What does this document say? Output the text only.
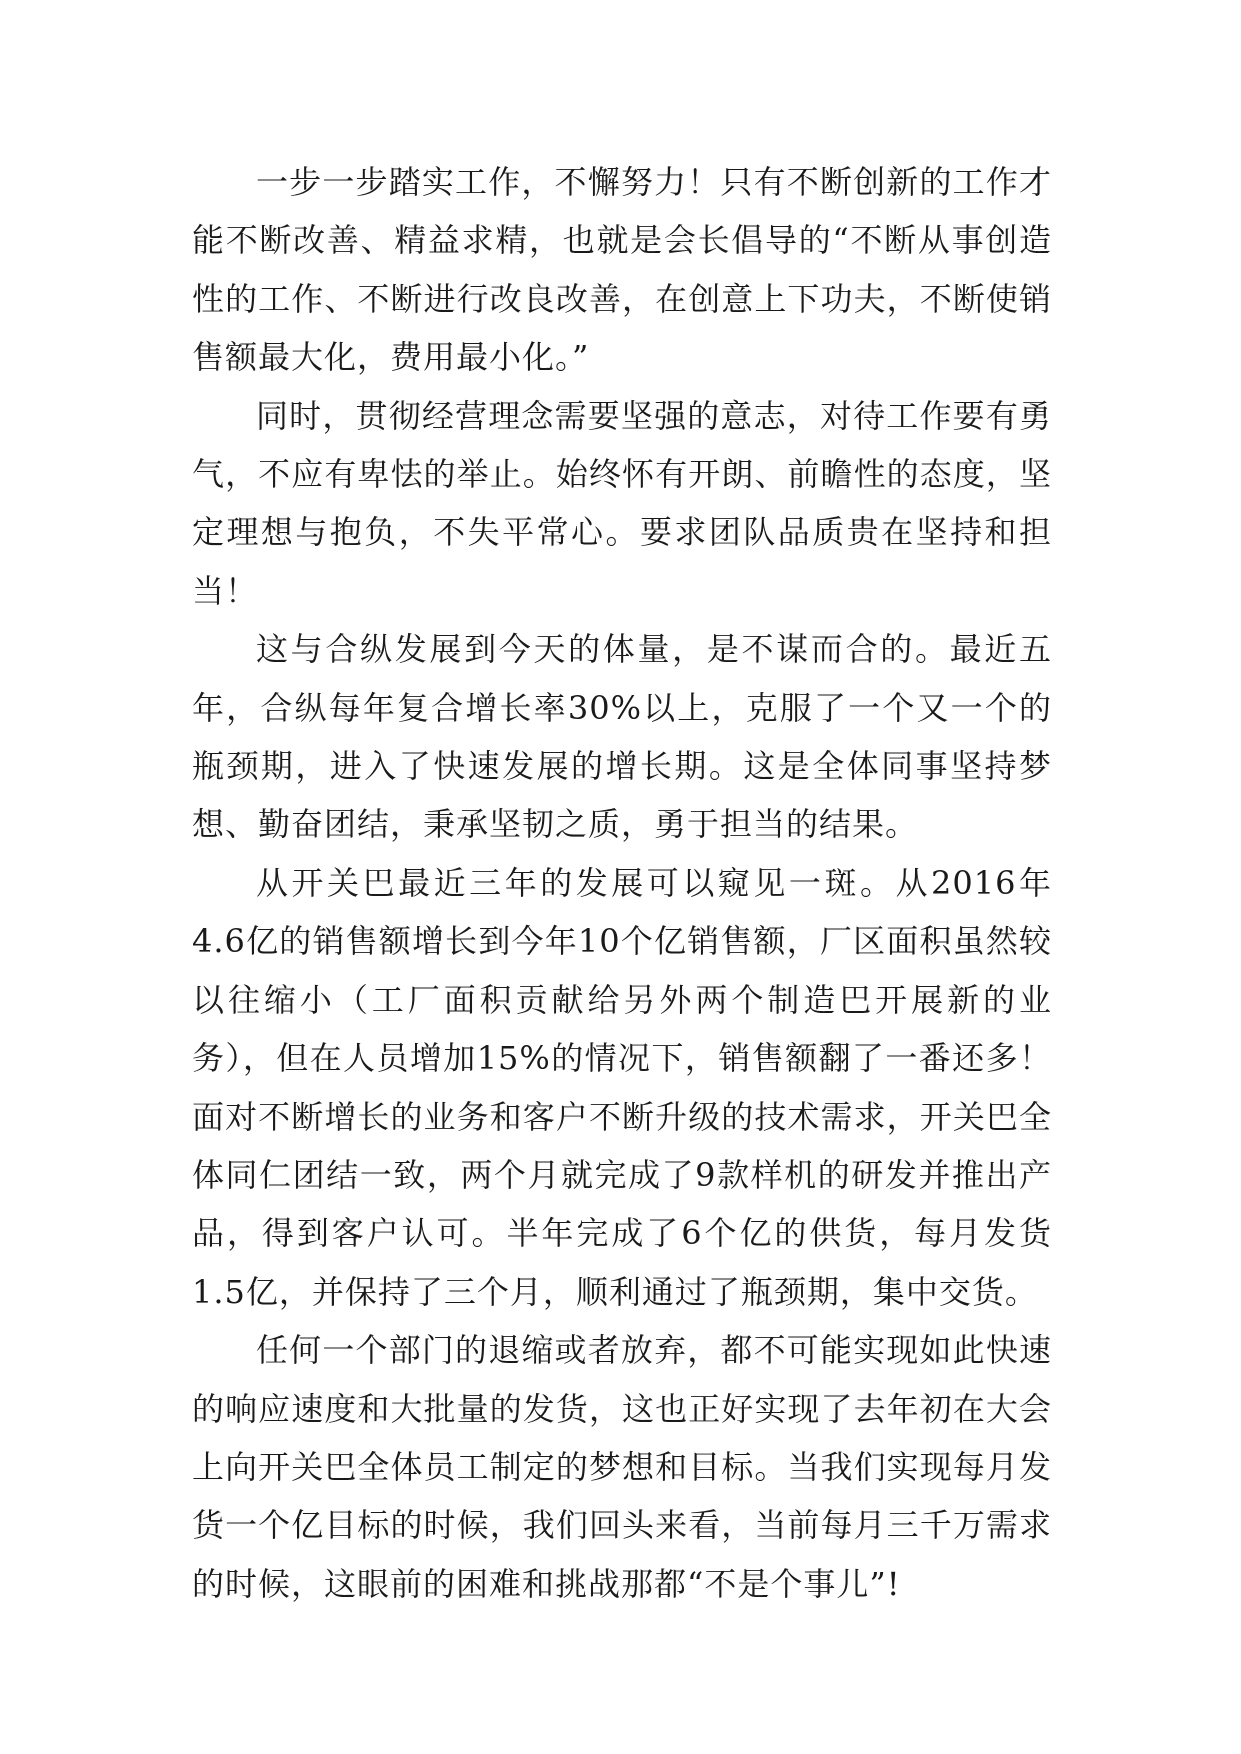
一步一步踏实工作，不懈努力！只有不断创新的工作才能不断改善、精益求精，也就是会长倡导的“不断从事创造性的工作、不断进行改良改善，在创意上下功夫，不断使销售额最大化，费用最小化。”

同时，贯彻经营理念需要坚强的意志，对待工作要有勇气，不应有卑怯的举止。始终怀有开朗、前瞻性的态度，坚定理想与抱负，不失平常心。要求团队品质贵在坚持和担当！

这与合纵发展到今天的体量，是不谋而合的。最近五年，合纵每年复合增长率30%以上，克服了一个又一个的瓶颈期，进入了快速发展的增长期。这是全体同事坚持梦想、勤奋团结，秉承坚韧之质，勇于担当的结果。

从开关巴最近三年的发展可以窥见一斑。从2016年4.6亿的销售额增长到今年10个亿销售额，厂区面积虽然较以往缩小（工厂面积贡献给另外两个制造巴开展新的业务），但在人员增加15%的情况下，销售额翻了一番还多！面对不断增长的业务和客户不断升级的技术需求，开关巴全体同仁团结一致，两个月就完成了9款样机的研发并推出产品，得到客户认可。半年完成了6个亿的供货，每月发货1.5亿，并保持了三个月，顺利通过了瓶颈期，集中交货。

任何一个部门的退缩或者放弃，都不可能实现如此快速的响应速度和大批量的发货，这也正好实现了去年初在大会上向开关巴全体员工制定的梦想和目标。当我们实现每月发货一个亿目标的时候，我们回头来看，当前每月三千万需求的时候，这眼前的困难和挑战那都“不是个事儿”!
